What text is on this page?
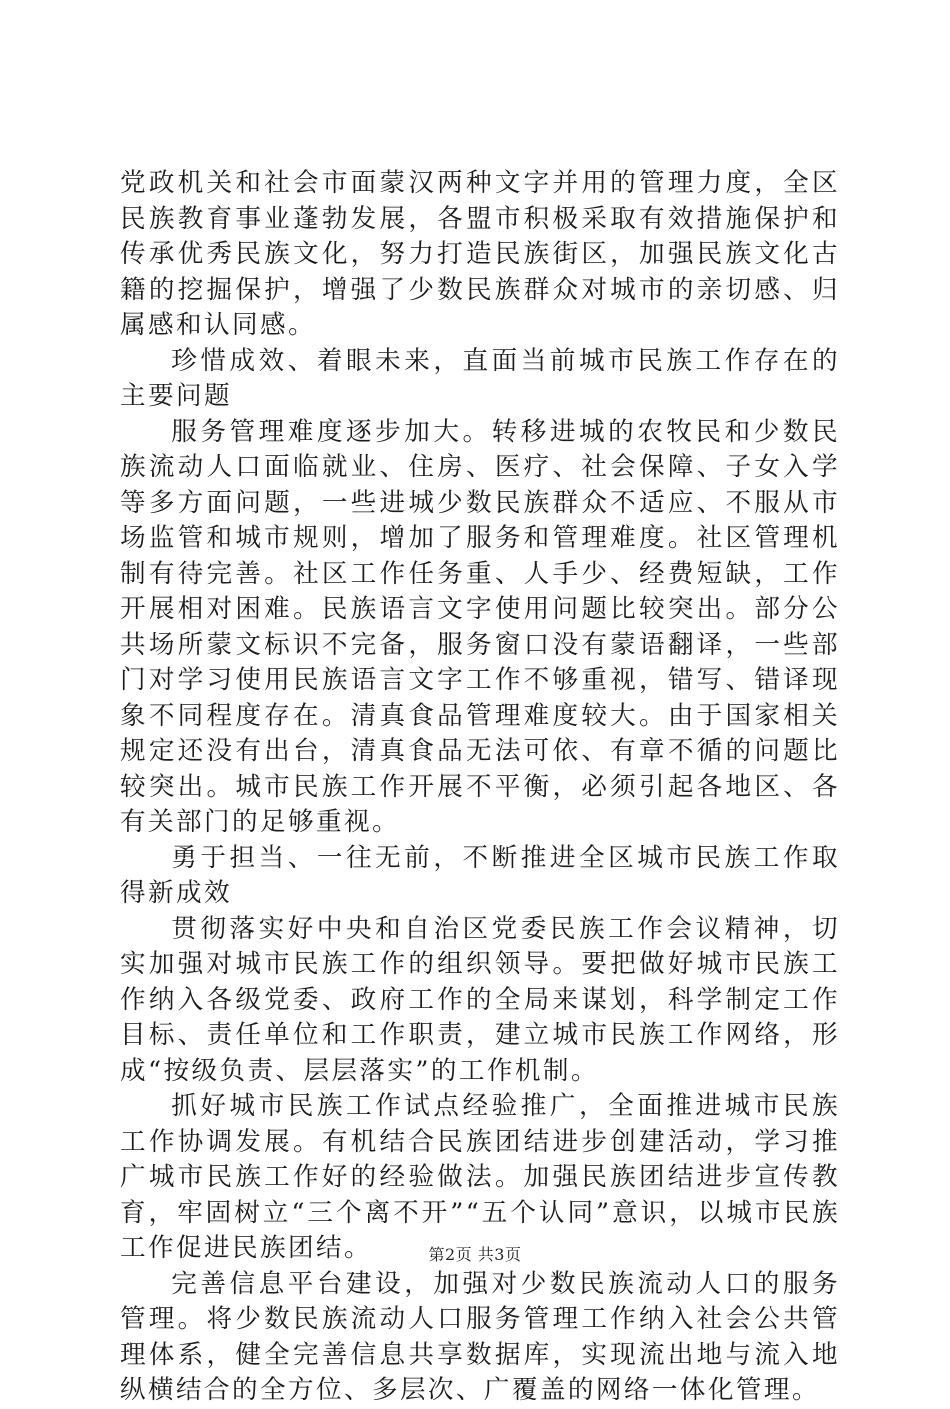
党政机关和社会市面蒙汉两种文字并用的管理力度，全区民族教育事业蓬勃发展，各盟市积极采取有效措施保护和传承优秀民族文化，努力打造民族街区，加强民族文化古籍的挖掘保护，增强了少数民族群众对城市的亲切感、归属感和认同感。

珍惜成效、着眼未来，直面当前城市民族工作存在的主要问题

服务管理难度逐步加大。转移进城的农牧民和少数民族流动人口面临就业、住房、医疗、社会保障、子女入学等多方面问题，一些进城少数民族群众不适应、不服从市场监管和城市规则，增加了服务和管理难度。社区管理机制有待完善。社区工作任务重、人手少、经费短缺，工作开展相对困难。民族语言文字使用问题比较突出。部分公共场所蒙文标识不完备，服务窗口没有蒙语翻译，一些部门对学习使用民族语言文字工作不够重视，错写、错译现象不同程度存在。清真食品管理难度较大。由于国家相关规定还没有出台，清真食品无法可依、有章不循的问题比较突出。城市民族工作开展不平衡，必须引起各地区、各有关部门的足够重视。

勇于担当、一往无前，不断推进全区城市民族工作取得新成效

贯彻落实好中央和自治区党委民族工作会议精神，切实加强对城市民族工作的组织领导。要把做好城市民族工作纳入各级党委、政府工作的全局来谋划，科学制定工作目标、责任单位和工作职责，建立城市民族工作网络，形成“按级负责、层层落实”的工作机制。

抓好城市民族工作试点经验推广，全面推进城市民族工作协调发展。有机结合民族团结进步创建活动，学习推广城市民族工作好的经验做法。加强民族团结进步宣传教育，牢固树立“三个离不开”“五个认同”意识，以城市民族工作促进民族团结。

完善信息平台建设，加强对少数民族流动人口的服务管理。将少数民族流动人口服务管理工作纳入社会公共管理体系，健全完善信息共享数据库，实现流出地与流入地纵横结合的全方位、多层次、广覆盖的网络一体化管理。

第2页 共3页
